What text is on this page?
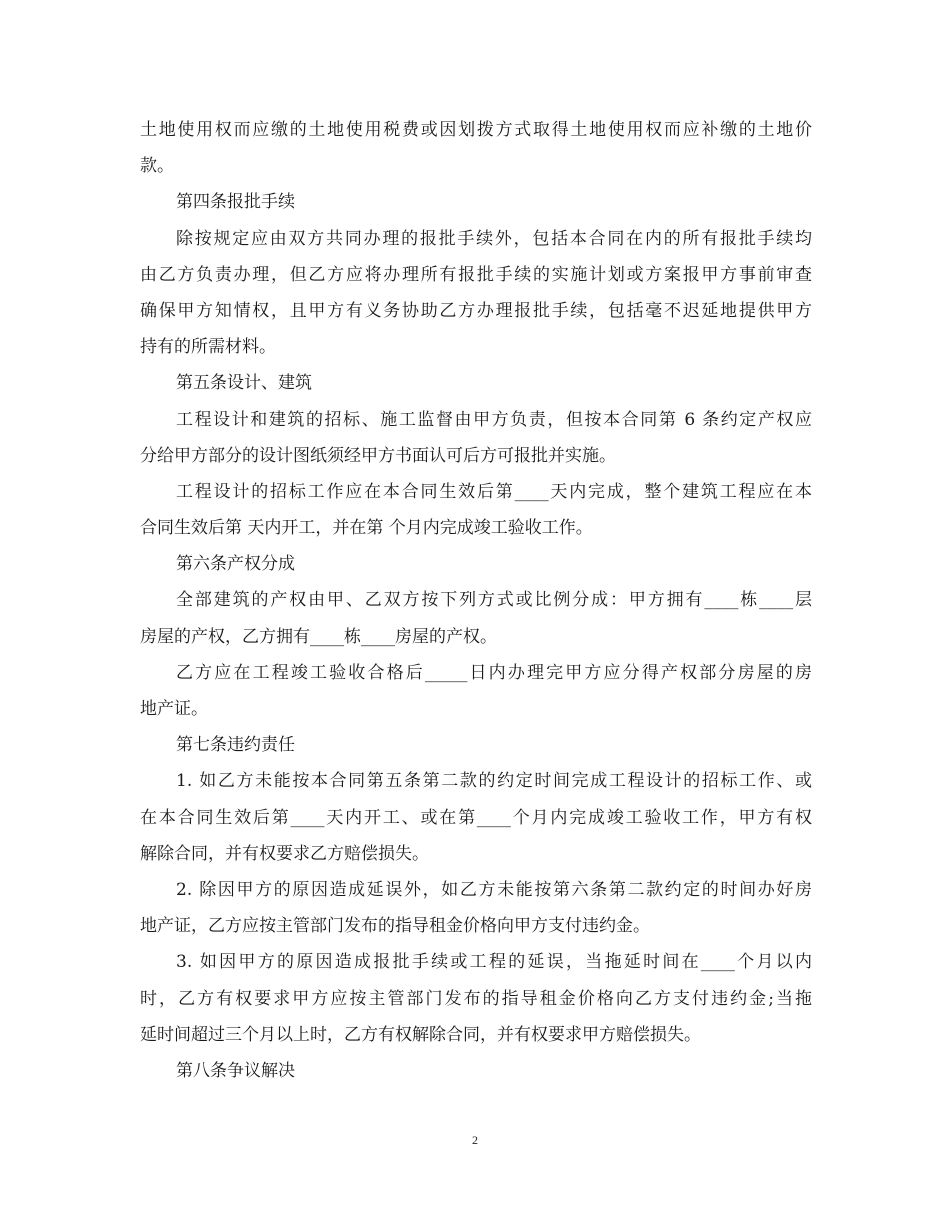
土地使用权而应缴的土地使用税费或因划拨方式取得土地使用权而应补缴的土地价
款。
第四条报批手续
除按规定应由双方共同办理的报批手续外，包括本合同在内的所有报批手续均
由乙方负责办理，但乙方应将办理所有报批手续的实施计划或方案报甲方事前审查
确保甲方知情权，且甲方有义务协助乙方办理报批手续，包括毫不迟延地提供甲方
持有的所需材料。
第五条设计、建筑
工程设计和建筑的招标、施工监督由甲方负责，但按本合同第 6 条约定产权应
分给甲方部分的设计图纸须经甲方书面认可后方可报批并实施。
工程设计的招标工作应在本合同生效后第____天内完成，整个建筑工程应在本
合同生效后第 天内开工，并在第 个月内完成竣工验收工作。
第六条产权分成
全部建筑的产权由甲、乙双方按下列方式或比例分成：甲方拥有____栋____层
房屋的产权，乙方拥有____栋____房屋的产权。
乙方应在工程竣工验收合格后_____日内办理完甲方应分得产权部分房屋的房
地产证。
第七条违约责任
1. 如乙方未能按本合同第五条第二款的约定时间完成工程设计的招标工作、或
在本合同生效后第____天内开工、或在第____个月内完成竣工验收工作，甲方有权
解除合同，并有权要求乙方赔偿损失。
2. 除因甲方的原因造成延误外，如乙方未能按第六条第二款约定的时间办好房
地产证，乙方应按主管部门发布的指导租金价格向甲方支付违约金。
3. 如因甲方的原因造成报批手续或工程的延误，当拖延时间在____个月以内
时，乙方有权要求甲方应按主管部门发布的指导租金价格向乙方支付违约金;当拖
延时间超过三个月以上时，乙方有权解除合同，并有权要求甲方赔偿损失。
第八条争议解决
2
